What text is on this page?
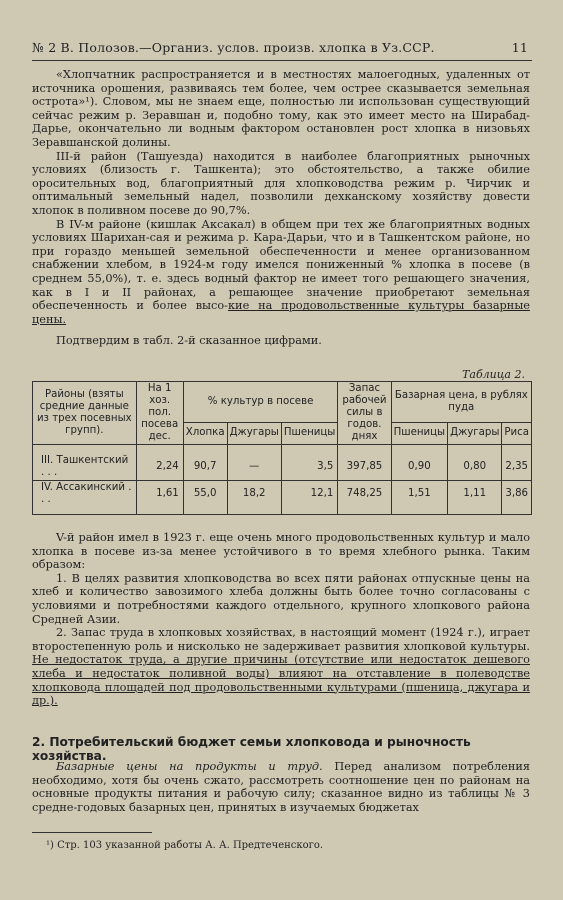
№ 2 В. Полозов.—Организ. услов. произв. хлопка в Уз.ССР.	11

«Хлопчатник распространяется и в местностях малоегодных, удаленных от источника орошения, развиваясь тем более, чем острее сказывается земельная острота»¹). Словом, мы не знаем еще, полностью ли использован существующий сейчас режим р. Зеравшан и, подобно тому, как это имеет место на Ширабад-Дарье, окончательно ли водным фактором остановлен рост хлопка в низовьях Зеравшанской долины.

III-й район (Ташуезда) находится в наиболее благоприятных рыночных условиях (близость г. Ташкента); это обстоятельство, а также обилие оросительных вод, благоприятный для хлопководства режим р. Чирчик и оптимальный земельный надел, позволили дехканскому хозяйству довести хлопок в поливном посеве до 90,7%.

В IV-м районе (кишлак Аксакал) в общем при тех же благоприятных водных условиях Шарихан-сая и режима р. Кара-Дарьи, что и в Ташкентском районе, но при гораздо меньшей земельной обеспеченности и менее организованном снабжении хлебом, в 1924-м году имелся пониженный % хлопка в посеве (в среднем 55,0%), т. е. здесь водный фактор не имеет того решающего значения, как в I и II районах, а решающее значение приобретают земельная обеспеченность и более высо-кие на продовольственные культуры базарные цены.

Подтвердим в табл. 2-й сказанное цифрами.

Таблица 2.
Районы (взяты средние данные из трех посевных групп).	На 1 хоз. пол. посева дес.	% культур в посеве			Запас рабочей силы в годов. днях	Базарная цена, в рублях пуда		
		Хлопка	Джугары	Пшеницы		Пшеницы	Джугары	Риса
III. Ташкентский . . .	2,24	90,7	—	3,5	397,85	0,90	0,80	2,35
IV. Ассакинский . . .	1,61	55,0	18,2	12,1	748,25	1,51	1,11	3,86

V-й район имел в 1923 г. еще очень много продовольственных культур и мало хлопка в посеве из-за менее устойчивого в то время хлебного рынка. Таким образом:

1. В целях развития хлопководства во всех пяти районах отпускные цены на хлеб и количество завозимого хлеба должны быть более точно согласованы с условиями и потребностями каждого отдельного, крупного хлопкового района Средней Азии.

2. Запас труда в хлопковых хозяйствах, в настоящий момент (1924 г.), играет второстепенную роль и нисколько не задерживает развития хлопковой культуры. Не недостаток труда, а другие причины (отсутствие или недостаток дешевого хлеба и недостаток поливной воды) влияют на отставление в полеводстве хлопковода площадей под продовольственными культурами (пшеница, джугара и др.).

2. Потребительский бюджет семьи хлопковода и рыночность хозяйства.

Базарные цены на продукты и труд. Перед анализом потребления необходимо, хотя бы очень сжато, рассмотреть соотношение цен по районам на основные продукты питания и рабочую силу; сказанное видно из таблицы № 3 средне-годовых базарных цен, принятых в изучаемых бюджетах

¹) Стр. 103 указанной работы А. А. Предтеченского.
